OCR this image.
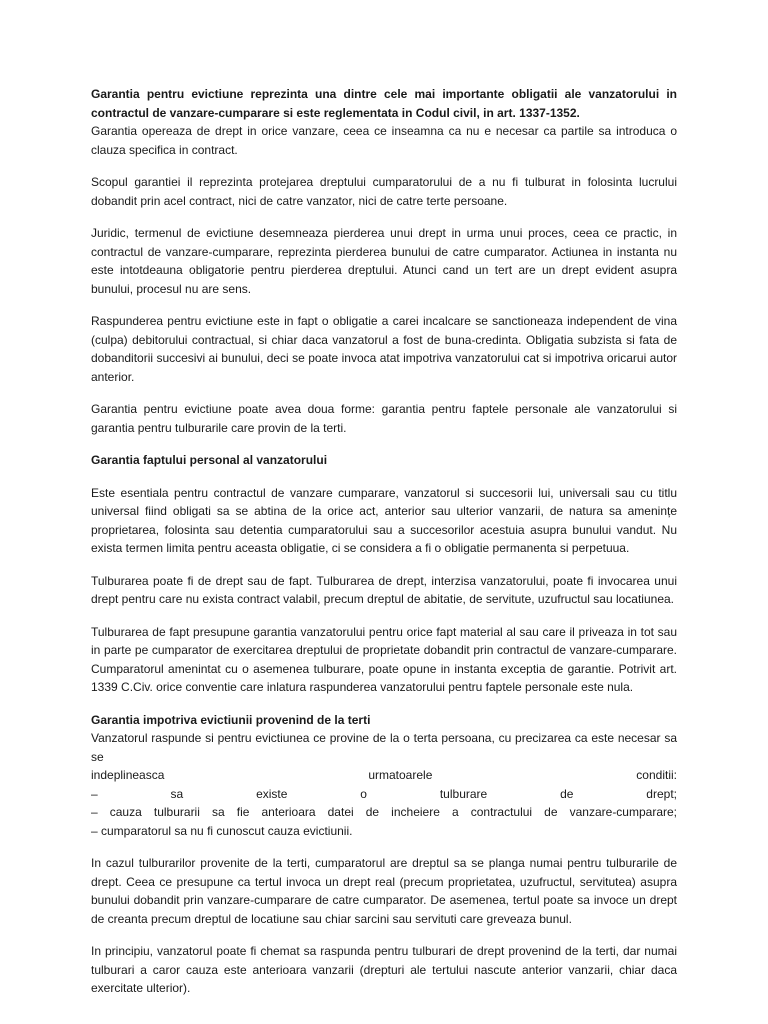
Garantia pentru evictiune reprezinta una dintre cele mai importante obligatii ale vanzatorului in contractul de vanzare-cumparare si este reglementata in Codul civil, in art. 1337-1352.
Garantia opereaza de drept in orice vanzare, ceea ce inseamna ca nu e necesar ca partile sa introduca o clauza specifica in contract.

Scopul garantiei il reprezinta protejarea dreptului cumparatorului de a nu fi tulburat in folosinta lucrului dobandit prin acel contract, nici de catre vanzator, nici de catre terte persoane.

Juridic, termenul de evictiune desemneaza pierderea unui drept in urma unui proces, ceea ce practic, in contractul de vanzare-cumparare, reprezinta pierderea bunului de catre cumparator. Actiunea in instanta nu este intotdeauna obligatorie pentru pierderea dreptului. Atunci cand un tert are un drept evident asupra bunului, procesul nu are sens.

Raspunderea pentru evictiune este in fapt o obligatie a carei incalcare se sanctioneaza independent de vina (culpa) debitorului contractual, si chiar daca vanzatorul a fost de buna-credinta. Obligatia subzista si fata de dobanditorii succesivi ai bunului, deci se poate invoca atat impotriva vanzatorului cat si impotriva oricarui autor anterior.

Garantia pentru evictiune poate avea doua forme: garantia pentru faptele personale ale vanzatorului si garantia pentru tulburarile care provin de la terti.

Garantia faptului personal al vanzatorului

Este esentiala pentru contractul de vanzare cumparare, vanzatorul si succesorii lui, universali sau cu titlu universal fiind obligati sa se abtina de la orice act, anterior sau ulterior vanzarii, de natura sa amenințe proprietarea, folosinta sau detentia cumparatorului sau a succesorilor acestuia asupra bunului vandut. Nu exista termen limita pentru aceasta obligatie, ci se considera a fi o obligatie permanenta si perpetuua.

Tulburarea poate fi de drept sau de fapt. Tulburarea de drept, interzisa vanzatorului, poate fi invocarea unui drept pentru care nu exista contract valabil, precum dreptul de abitatie, de servitute, uzufructul sau locatiunea.

Tulburarea de fapt presupune garantia vanzatorului pentru orice fapt material al sau care il priveaza in tot sau in parte pe cumparator de exercitarea dreptului de proprietate dobandit prin contractul de vanzare-cumparare. Cumparatorul amenintat cu o asemenea tulburare, poate opune in instanta exceptia de garantie. Potrivit art. 1339 C.Civ. orice conventie care inlatura raspunderea vanzatorului pentru faptele personale este nula.

Garantia impotriva evictiunii provenind de la terti

Vanzatorul raspunde si pentru evictiunea ce provine de la o terta persoana, cu precizarea ca este necesar sa se
indeplineasca urmatoarele conditii:
– sa existe o tulburare de drept;
– cauza tulburarii sa fie anterioara datei de incheiere a contractului de vanzare-cumparare;
– cumparatorul sa nu fi cunoscut cauza evictiunii.

In cazul tulburarilor provenite de la terti, cumparatorul are dreptul sa se planga numai pentru tulburarile de drept. Ceea ce presupune ca tertul invoca un drept real (precum proprietatea, uzufructul, servitutea) asupra bunului dobandit prin vanzare-cumparare de catre cumparator. De asemenea, tertul poate sa invoce un drept de creanta precum dreptul de locatiune sau chiar sarcini sau servituti care greveaza bunul.

In principiu, vanzatorul poate fi chemat sa raspunda pentru tulburari de drept provenind de la terti, dar numai tulburari a caror cauza este anterioara vanzarii (drepturi ale tertului nascute anterior vanzarii, chiar daca exercitate ulterior).
